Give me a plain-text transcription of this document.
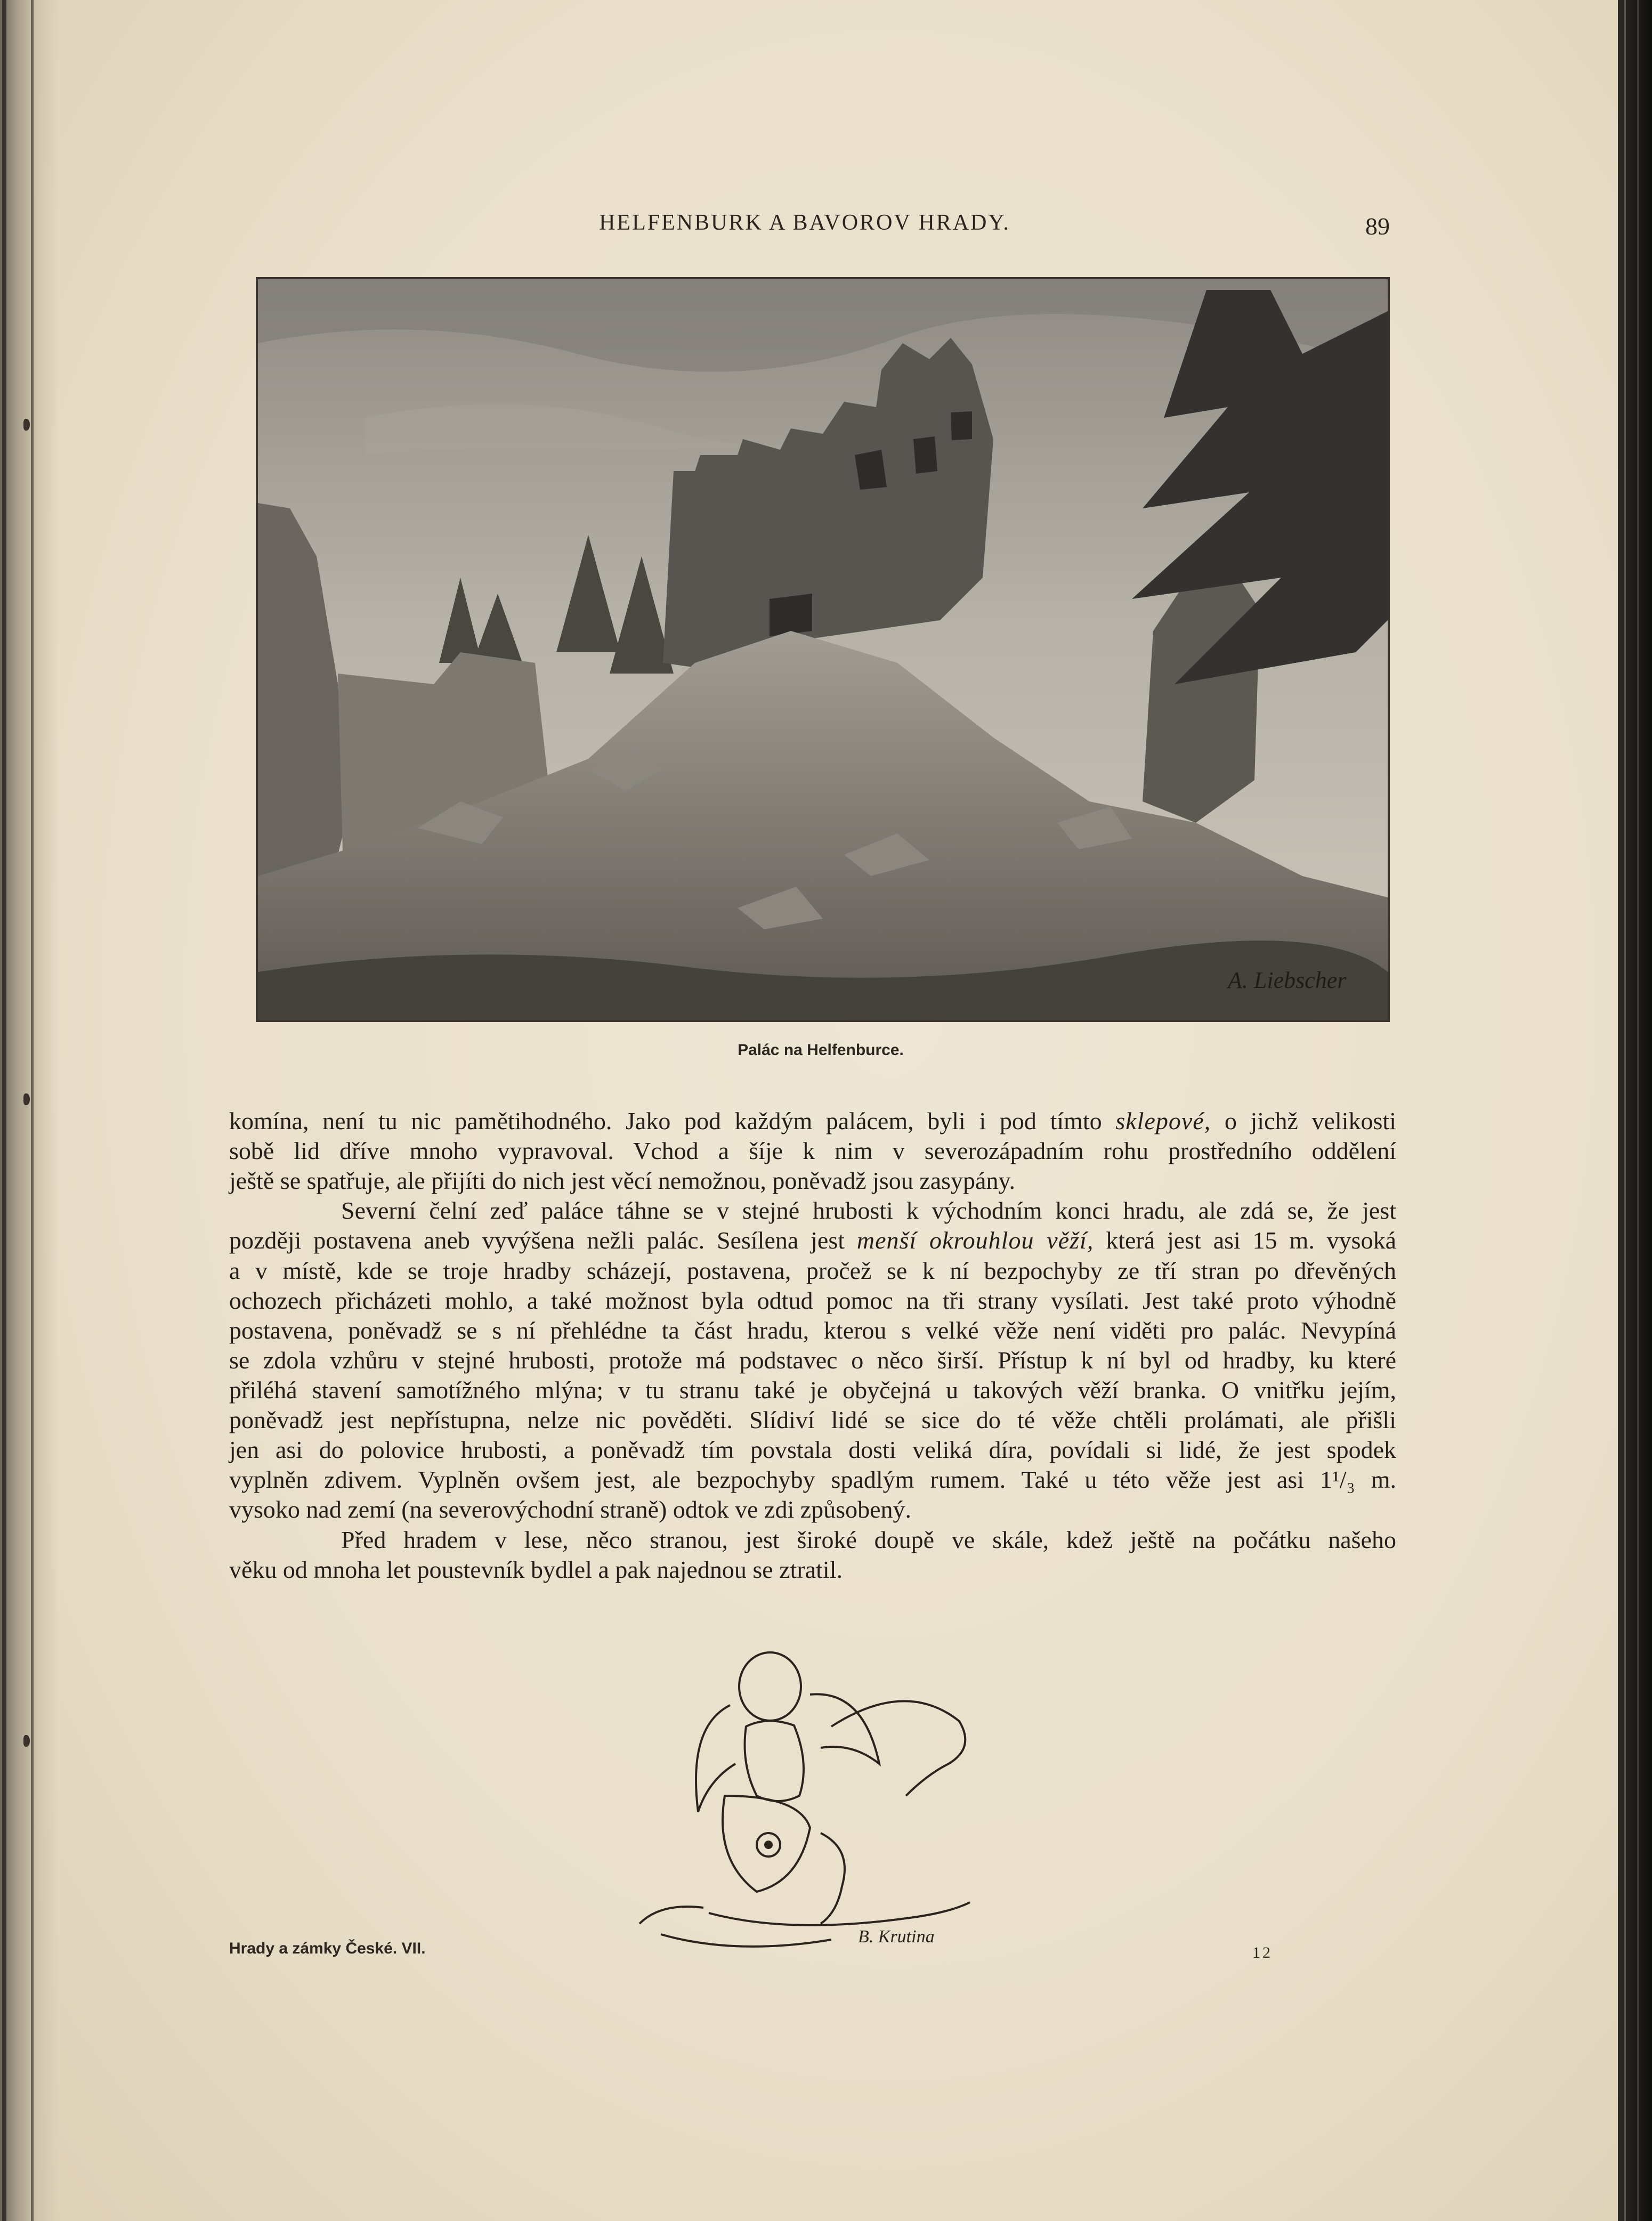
HELFENBURK A BAVOROV HRADY.	89
A. Liebscher
Palác na Helfenburce.
komína, není tu nic pamětihodného. Jako pod každým palácem, byli i pod tímto sklepové, o jichž velikosti
sobě lid dříve mnoho vypravoval. Vchod a šíje k nim v severozápadním rohu prostředního oddělení
ještě se spatřuje, ale přijíti do nich jest věcí nemožnou, poněvadž jsou zasypány.
Severní čelní zeď paláce táhne se v stejné hrubosti k východním konci hradu, ale zdá se, že jest
později postavena aneb vyvýšena nežli palác. Sesílena jest menší okrouhlou věží, která jest asi 15 m. vysoká
a v místě, kde se troje hradby scházejí, postavena, pročež se k ní bezpochyby ze tří stran po dřevěných
ochozech přicházeti mohlo, a také možnost byla odtud pomoc na tři strany vysílati. Jest také proto výhodně
postavena, poněvadž se s ní přehlédne ta část hradu, kterou s velké věže není viděti pro palác. Nevypíná
se zdola vzhůru v stejné hrubosti, protože má podstavec o něco širší. Přístup k ní byl od hradby, ku které
přiléhá stavení samotížného mlýna; v tu stranu také je obyčejná u takových věží branka. O vnitřku jejím,
poněvadž jest nepřístupna, nelze nic pověděti. Slídiví lidé se sice do té věže chtěli prolámati, ale přišli
jen asi do polovice hrubosti, a poněvadž tím povstala dosti veliká díra, povídali si lidé, že jest spodek
vyplněn zdivem. Vyplněn ovšem jest, ale bezpochyby spadlým rumem. Také u této věže jest asi 1¹/₃ m.
vysoko nad zemí (na severovýchodní straně) odtok ve zdi způsobený.
Před hradem v lese, něco stranou, jest široké doupě ve skále, kdež ještě na počátku našeho
věku od mnoha let poustevník bydlel a pak najednou se ztratil.
B. Krutina
Hrady a zámky České. VII.	12
